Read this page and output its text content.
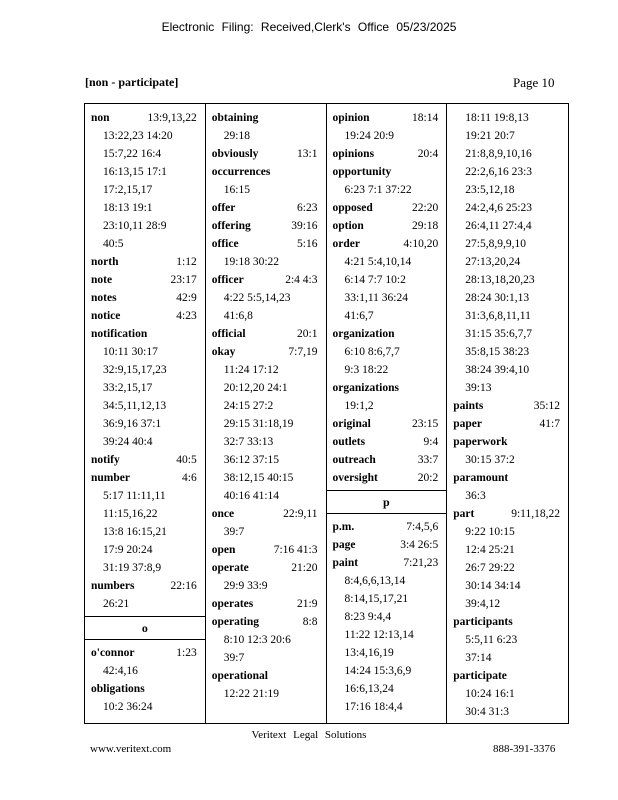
Electronic Filing: Received,Clerk's Office 05/23/2025
[non - participate]	Page 10
non	13:9,13,22
13:22,23 14:20
15:7,22 16:4
16:13,15 17:1
17:2,15,17
18:13 19:1
23:10,11 28:9
40:5
north	1:12
note	23:17
notes	42:9
notice	4:23
notification
10:11 30:17
32:9,15,17,23
33:2,15,17
34:5,11,12,13
36:9,16 37:1
39:24 40:4
notify	40:5
number	4:6
5:17 11:11,11
11:15,16,22
13:8 16:15,21
17:9 20:24
31:19 37:8,9
numbers	22:16
26:21
o
o'connor	1:23
42:4,16
obligations
10:2 36:24
obtaining
29:18
obviously	13:1
occurrences
16:15
offer	6:23
offering	39:16
office	5:16
19:18 30:22
officer	2:4 4:3
4:22 5:5,14,23
41:6,8
official	20:1
okay	7:7,19
11:24 17:12
20:12,20 24:1
24:15 27:2
29:15 31:18,19
32:7 33:13
36:12 37:15
38:12,15 40:15
40:16 41:14
once	22:9,11
39:7
open	7:16 41:3
operate	21:20
29:9 33:9
operates	21:9
operating	8:8
8:10 12:3 20:6
39:7
operational
12:22 21:19
opinion	18:14
19:24 20:9
opinions	20:4
opportunity
6:23 7:1 37:22
opposed	22:20
option	29:18
order	4:10,20
4:21 5:4,10,14
6:14 7:7 10:2
33:1,11 36:24
41:6,7
organization
6:10 8:6,7,7
9:3 18:22
organizations
19:1,2
original	23:15
outlets	9:4
outreach	33:7
oversight	20:2
p
p.m.	7:4,5,6
page	3:4 26:5
paint	7:21,23
8:4,6,6,13,14
8:14,15,17,21
8:23 9:4,4
11:22 12:13,14
13:4,16,19
14:24 15:3,6,9
16:6,13,24
17:16 18:4,4
18:11 19:8,13
19:21 20:7
21:8,8,9,10,16
22:2,6,16 23:3
23:5,12,18
24:2,4,6 25:23
26:4,11 27:4,4
27:5,8,9,9,10
27:13,20,24
28:13,18,20,23
28:24 30:1,13
31:3,6,8,11,11
31:15 35:6,7,7
35:8,15 38:23
38:24 39:4,10
39:13
paints	35:12
paper	41:7
paperwork
30:15 37:2
paramount
36:3
part	9:11,18,22
9:22 10:15
12:4 25:21
26:7 29:22
30:14 34:14
39:4,12
participants
5:5,11 6:23
37:14
participate
10:24 16:1
30:4 31:3
Veritext Legal Solutions
www.veritext.com	888-391-3376
